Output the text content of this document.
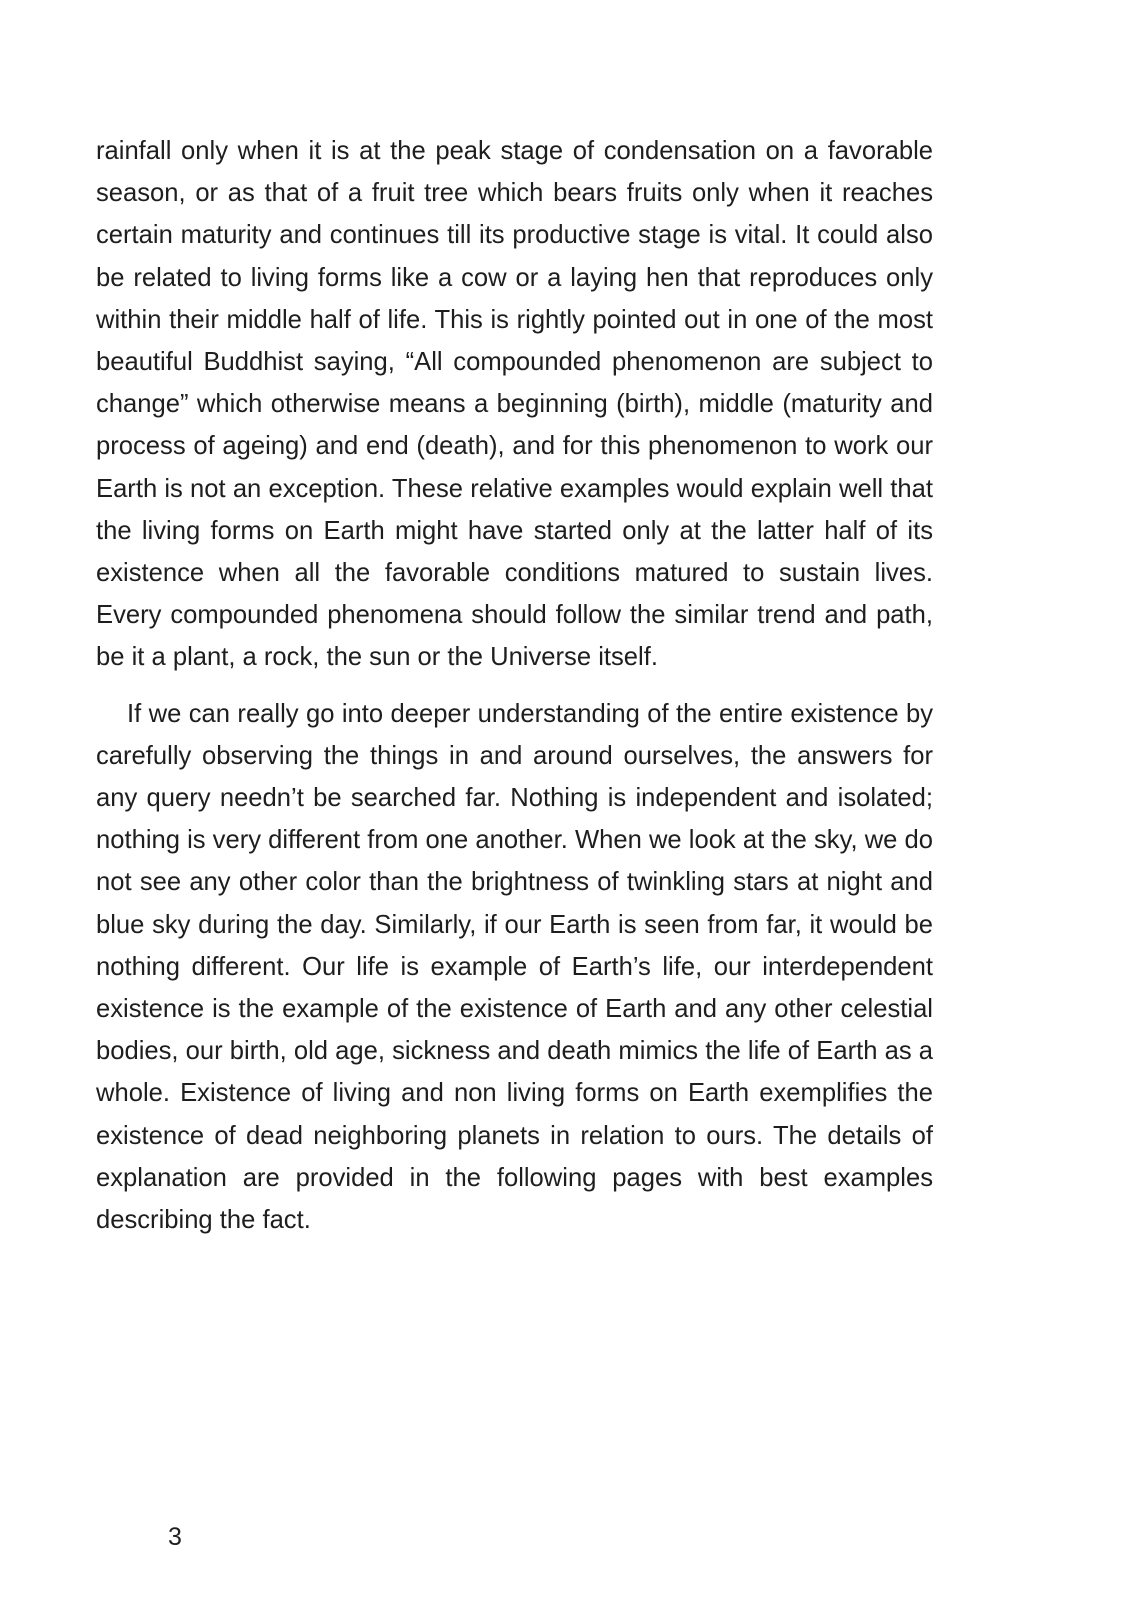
rainfall only when it is at the peak stage of condensation on a favorable season, or as that of a fruit tree which bears fruits only when it reaches certain maturity and continues till its productive stage is vital. It could also be related to living forms like a cow or a laying hen that reproduces only within their middle half of life. This is rightly pointed out in one of the most beautiful Buddhist saying, “All compounded phenomenon are subject to change” which otherwise means a beginning (birth), middle (maturity and process of ageing) and end (death), and for this phenomenon to work our Earth is not an exception. These relative examples would explain well that the living forms on Earth might have started only at the latter half of its existence when all the favorable conditions matured to sustain lives. Every compounded phenomena should follow the similar trend and path, be it a plant, a rock, the sun or the Universe itself.

If we can really go into deeper understanding of the entire existence by carefully observing the things in and around ourselves, the answers for any query needn’t be searched far. Nothing is independent and isolated; nothing is very different from one another. When we look at the sky, we do not see any other color than the brightness of twinkling stars at night and blue sky during the day. Similarly, if our Earth is seen from far, it would be nothing different. Our life is example of Earth’s life, our interdependent existence is the example of the existence of Earth and any other celestial bodies, our birth, old age, sickness and death mimics the life of Earth as a whole. Existence of living and non living forms on Earth exemplifies the existence of dead neighboring planets in relation to ours. The details of explanation are provided in the following pages with best examples describing the fact.

3
